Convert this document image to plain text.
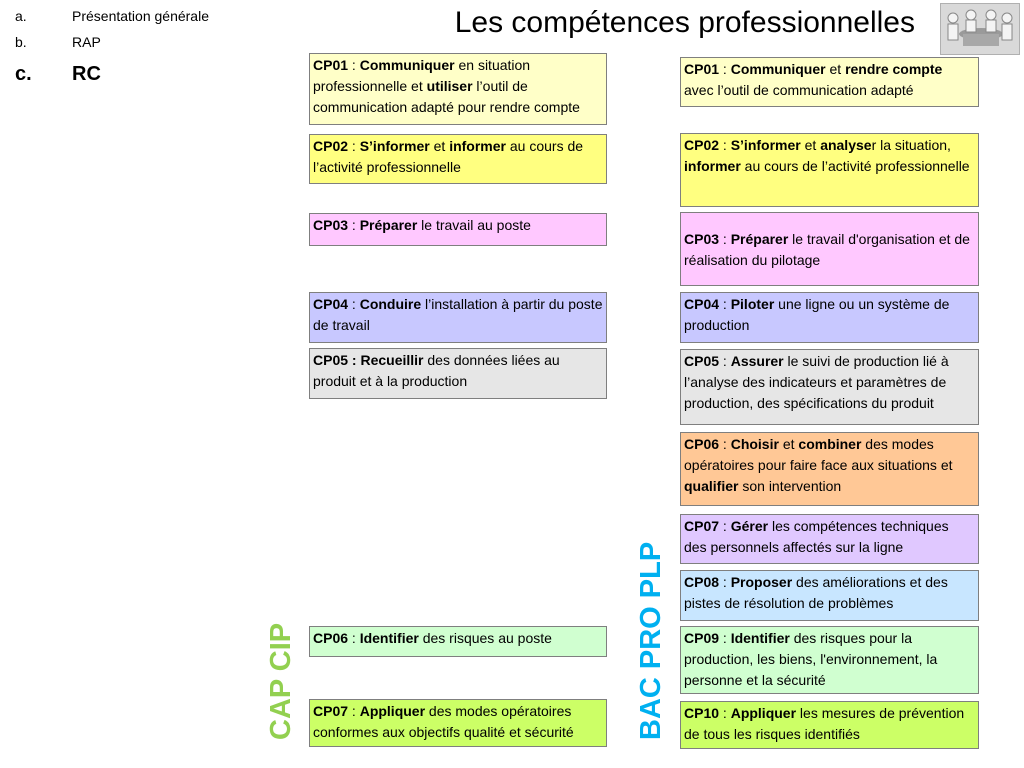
a.	Présentation générale
b.	RAP
c. RC
Les compétences professionnelles
CP01 : Communiquer en situation professionnelle et utiliser l’outil de communication adapté pour rendre compte
CP02 : S’informer et informer au cours de l’activité professionnelle
CP03 : Préparer le travail au poste
CP04 : Conduire l’installation à partir du poste de travail
CP05 : Recueillir des données liées au produit et à la production
CP06 : Identifier des risques au poste
CP07 : Appliquer des modes opératoires conformes aux objectifs qualité et sécurité
CP01 : Communiquer et rendre compte avec l’outil de communication adapté
CP02 : S’informer et analyser la situation, informer au cours de l’activité professionnelle
CP03 : Préparer le travail d'organisation et de réalisation du pilotage
CP04 : Piloter une ligne ou un système de production
CP05 : Assurer le suivi de production lié à l’analyse des indicateurs et paramètres de production, des spécifications du produit
CP06 : Choisir et combiner des modes opératoires pour faire face aux situations et qualifier son intervention
CP07 : Gérer les compétences techniques des personnels affectés sur la ligne
CP08 : Proposer des améliorations et des pistes de résolution de problèmes
CP09 : Identifier des risques pour la production, les biens, l'environnement, la personne et la sécurité
CP10 : Appliquer les mesures de prévention de tous les risques identifiés
CAP CIP	BAC PRO PLP
